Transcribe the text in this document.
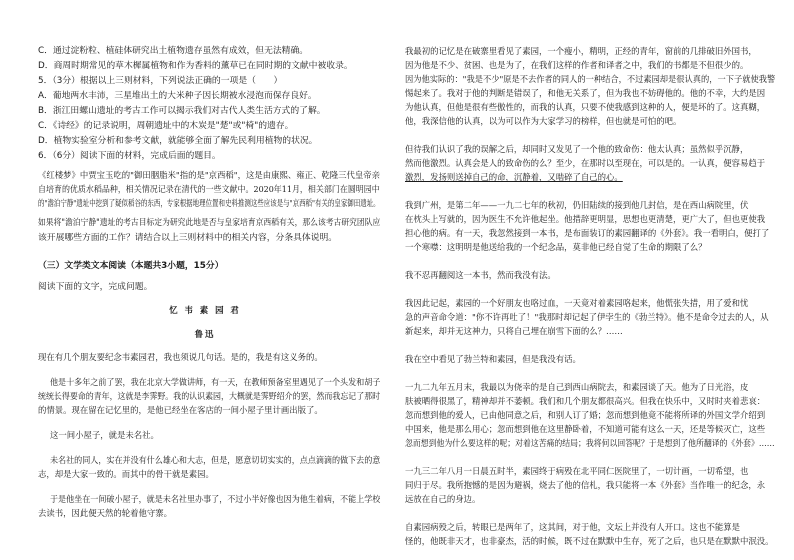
C．通过淀粉粒、植硅体研究出土植物遗存虽然有成效，但无法精确。
D．商周时期常见的草木樨属植物和作为香料的薰草已在同时期的文献中被收录。
5．（3分）根据以上三则材料，下列说法正确的一项是（　　）
A．葡地两水丰沛，三星堆出土的大米种子因长期被水浸泡而保存良好。
B．浙江田螺山遗址的考古工作可以揭示我们对古代人类生活方式的了解。
C．《诗经》的记录说明，周朝遗址中的木炭是"楚"或"椅"的遗存。
D．植物实验室分析和参考文献，就能够全面了解先民利用植物的状况。
6．（6分）阅读下面的材料，完成后面的题目。
《红楼梦》中贾宝玉吃的"御田胭脂米"指的是"京西稻"，这是由康熙、雍正、乾隆三代皇帝亲
自培育的优质水稻品种，相关情况记录在清代的一些文献中。2020年11月，相关部门在圆明园中
的"澹泊宁静"遗址中挖到了疑似稻谷的东西，专家根据地理位置和史料推测这些应该是与"京西稻"有关的皇家御田遗址。
如果将"澹泊宁静"遗址的考古目标定为研究此地是否与皇家培育京西稻有关，那么该考古研究团队应
该开展哪些方面的工作？请结合以上三则材料中的相关内容，分条具体说明。
（三）文学类文本阅读（本题共3小题，15分）
阅读下面的文字，完成问题。
忆 韦 素 园 君
鲁迅
现在有几个朋友要纪念韦素园君，我也须说几句话。是的，我是有这义务的。
他是十多年之前了罢，我在北京大学做讲师，有一天，在教师预备室里遇见了一个头发和胡子
统统长得要命的青年，这就是李霁野。我的认识素园，大概就是霁野绍介的罢，然而我忘记了那时
的情景。现在留在记忆里的，是他已经坐在客店的一间小屋子里计画出版了。
这一间小屋子，就是未名社。
未名社的同人，实在并没有什么雄心和大志，但是，愿意切切实实的，点点滴滴的做下去的意
志，却是大家一致的。而其中的骨干就是素园。
于是他坐在一间破小屋子，就是未名社里办事了，不过小半好像也因为他生着病，不能上学校
去读书，因此便天然的轮着他守寨。
我最初的记忆是在破寨里看见了素园，一个瘦小，精明，正经的青年，窗前的几排破旧外国书，
因为他是不少、贫困、也是为了，在我们这样的作者和译者之中，我们的书都是不但很少的。
因为他实际的："我是不少"原是不去作者的同人的一种结合，不过素园却是很认真的，一下子就使我警
惕起来了。我对于他的判断是错误了，和他无关系了，但为我也不妨碍他的。他的不幸，大约是因
为他认真，但他是很有些傲性的，而我的认真，只要不使我感到这种的人，便是坏的了。这真糊，
他，我深信他的认真，以为可以作为大家学习的榜样，但也就是可怕的吧。
但待我们认识了我的误解之后，却同时又发见了一个他的致命伤：他太认真；虽然似乎沉静，
然而他激烈。认真会是人的致命伤的么？至少，在那时以至现在，可以是的。一认真，便容易趋于
激烈，发扬则送掉自己的命，沉静着，又啮碎了自己的心。
我到广州，是第二年——一九二七年的秋初，仍旧陆续的接到他几封信，是在西山病院里，伏
在枕头上写就的，因为医生不允许他起坐。他措辞更明显，思想也更清楚，更广大了，但也更使我
担心他的病。有一天，我忽然接到一本书，是布面装订的素园翻译的《外套》。我一看明白，便打了
一个寒噤：这明明是他送给我的一个纪念品，莫非他已经自觉了生命的期限了么？
我不忍再翻阅这一本书，然而我没有法。
我因此记起，素园的一个好朋友也咯过血，一天竟对着素园咯起来，他慌张失措，用了爱和忧
急的声音命令道："你不许再吐了！"我那时却记起了伊孛生的《勃兰特》。他不是命令过去的人，从
新起来，却并无这神力，只将自己埋在崩雪下面的么？……
我在空中看见了勃兰特和素园，但是我没有话。
一九二九年五月末，我最以为侥幸的是自己到西山病院去，和素园谈了天。他为了日光浴，皮
肤被晒得很黑了，精神却并不萎顿。我们和几个朋友都很高兴。但我在快乐中，又时时夹着悲哀：
忽而想到他的爱人，已由他同意之后，和别人订了婚；忽而想到他竟不能将所译的外国文学介绍到
中国来，他是那么用心；忽而想到他在这里静卧着，不知道可能有这么一天，还是等候灭亡，这些
忽而想到他为什么要这样的呢；对着这苦痛的结局；我将何以回答呢？于是想到了他所翻译的《外套》……
一九三二年八月一日晨五时半，素园终于病殁在北平同仁医院里了，一切计画，一切希望，也
同归于尽。我所抱憾的是因为避祸，烧去了他的信札，我只能将一本《外套》当作唯一的纪念，永
远放在自己的身边。
自素园病殁之后，转眼已是两年了，这其间，对于他，文坛上并没有人开口。这也不能算是
怪的，他既非天才，也非豪杰，活的时候，既不过在默默中生存，死了之后，也只是在默默中泯没。
